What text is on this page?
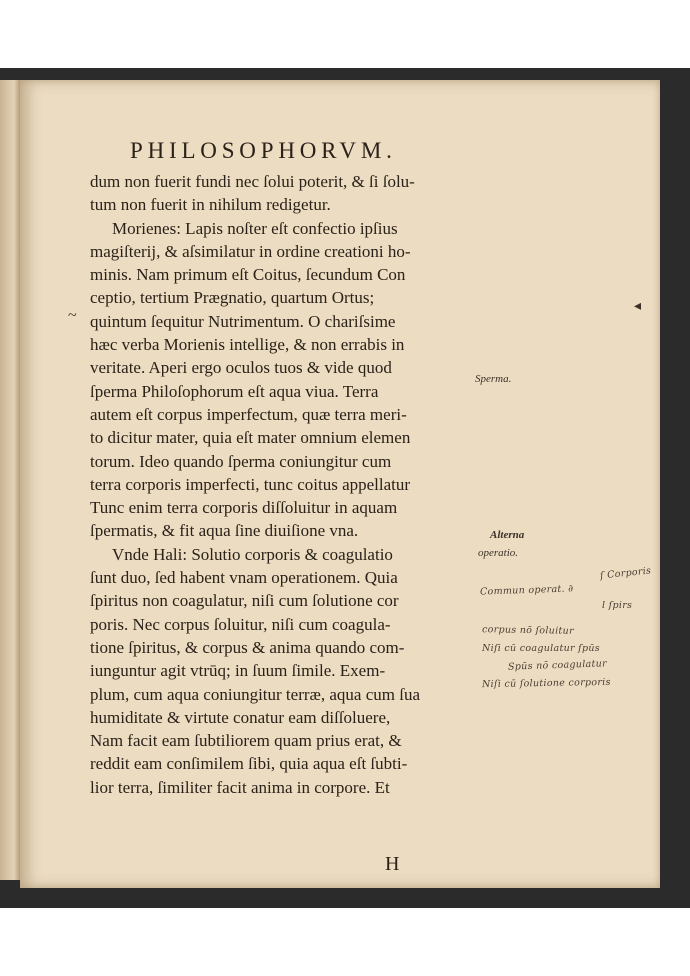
PHILOSOPHORVM.
dum non fuerit fundi nec ſolui poterit, & ſi ſolu-
tum non fuerit in nihilum redigetur.
Morienes: Lapis noſter eſt confectio ipſius
magiſterij, & aſsimilatur in ordine creationi ho-
minis. Nam primum eſt Coitus, ſecundum Con
ceptio, tertium Prægnatio, quartum Ortus;
quintum ſequitur Nutrimentum. O chariſsime
hæc verba Morienis intellige, & non errabis in
veritate. Aperi ergo oculos tuos & vide quod
ſperma Philoſophorum eſt aqua viua. Terra
autem eſt corpus imperfectum, quæ terra meri-
to dicitur mater, quia eſt mater omnium elemen
torum. Ideo quando ſperma coniungitur cum
terra corporis imperfecti, tunc coitus appellatur
Tunc enim terra corporis diſſoluitur in aquam
ſpermatis, & fit aqua ſine diuiſione vna.
Vnde Hali: Solutio corporis & coagulatio
ſunt duo, ſed habent vnam operationem. Quia
ſpiritus non coagulatur, niſi cum ſolutione cor
poris. Nec corpus ſoluitur, niſi cum coagula-
tione ſpiritus, & corpus & anima quando com-
iunguntur agit vtrūq; in ſuum ſimile. Exem-
plum, cum aqua coniungitur terræ, aqua cum ſua
humiditate & virtute conatur eam diſſoluere,
Nam facit eam ſubtiliorem quam prius erat, &
reddit eam conſimilem ſibi, quia aqua eſt ſubti-
lior terra, ſimiliter facit anima in corpore. Et
H
Sperma.
Alterna
operatio.
ſ Corporis
Commun operat. ∂
l ſpirs
corpus nō ſoluitur
Niſi cū coagulatur ſpūs
Spūs nō coagulatur
Niſi cū ſolutione corporis
◂
~
